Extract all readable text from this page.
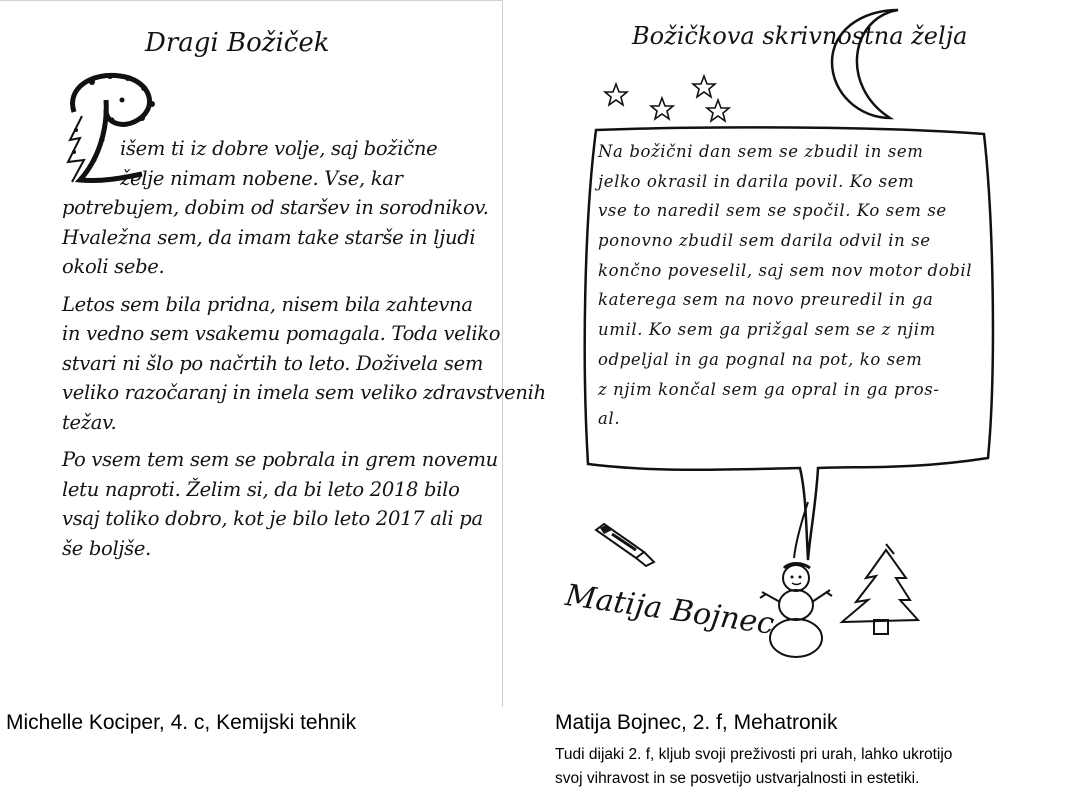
Dragi Božiček
išem ti iz dobre volje, saj božične
želje nimam nobene. Vse, kar
potrebujem, dobim od staršev in sorodnikov.
Hvaležna sem, da imam take starše in ljudi
okoli sebe.
Letos sem bila pridna, nisem bila zahtevna
in vedno sem vsakemu pomagala. Toda veliko
stvari ni šlo po načrtih to leto. Doživela sem
veliko razočaranj in imela sem veliko zdravstvenih
težav.
Po vsem tem sem se pobrala in grem novemu
letu naproti. Želim si, da bi leto 2018 bilo
vsaj toliko dobro, kot je bilo leto 2017 ali pa
še boljše.
Božičkova skrivnostna želja
Na božični dan sem se zbudil in sem
jelko okrasil in darila povil. Ko sem
vse to naredil sem se spočil. Ko sem se
ponovno zbudil sem darila odvil in se
končno poveselil, saj sem nov motor dobil
katerega sem na novo preuredil in ga
umil. Ko sem ga prižgal sem se z njim
odpeljal in ga pognal na pot, ko sem
z njim končal sem ga opral in ga pros-
al.
Matija Bojnec
Michelle Kociper, 4. c, Kemijski tehnik	Matija Bojnec, 2. f, Mehatronik
Tudi dijaki 2. f, kljub svoji preživosti pri urah, lahko ukrotijo
svoj vihravost in se posvetijo ustvarjalnosti in estetiki.
